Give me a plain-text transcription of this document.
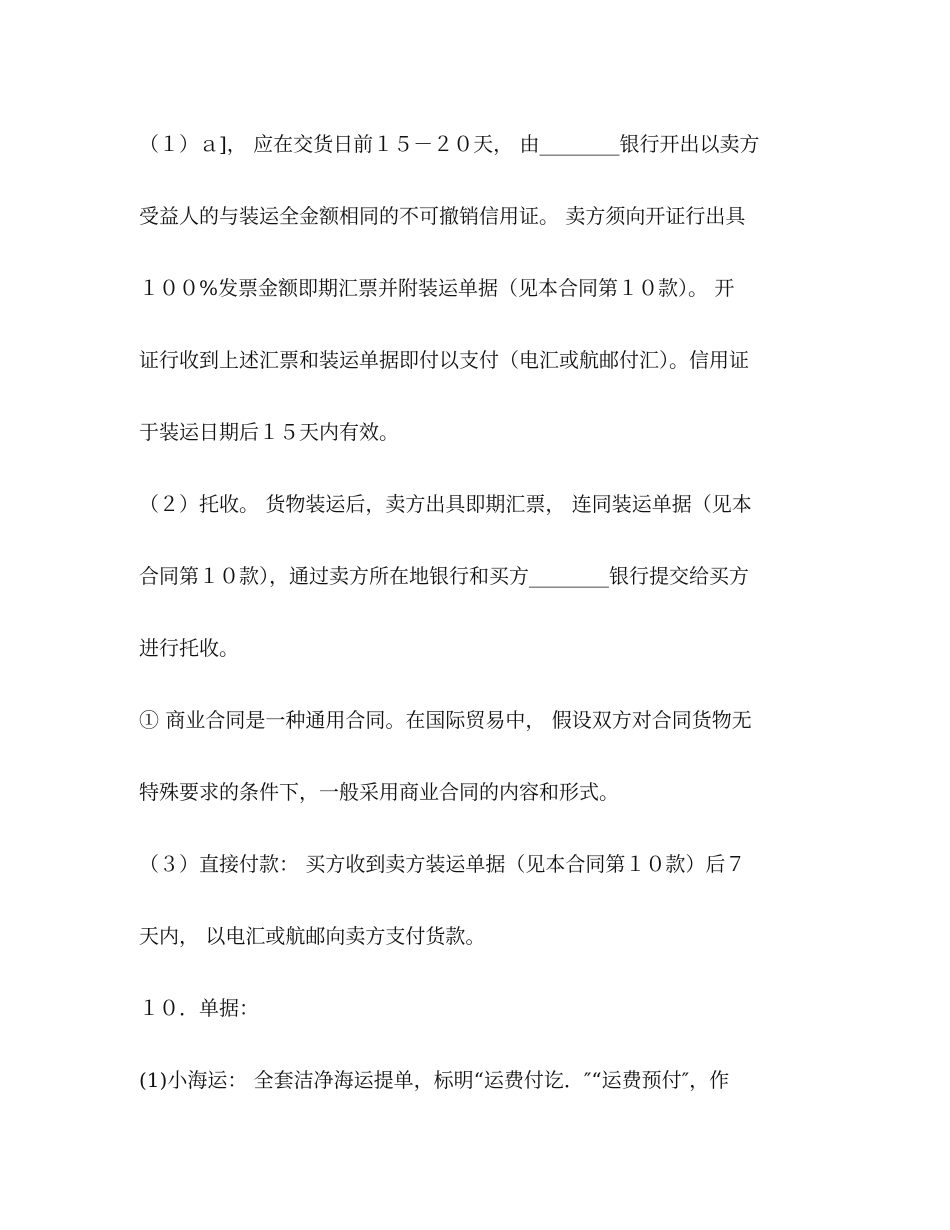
（１）ａ]， 应在交货日前１５－２０天， 由________银行开出以卖方
受益人的与装运全金额相同的不可撤销信用证。 卖方须向开证行出具
１００%发票金额即期汇票并附装运单据（见本合同第１０款）。 开
证行收到上述汇票和装运单据即付以支付（电汇或航邮付汇）。信用证
于装运日期后１５天内有效。
（２）托收。 货物装运后，卖方出具即期汇票， 连同装运单据（见本
合同第１０款），通过卖方所在地银行和买方________银行提交给买方
进行托收。
① 商业合同是一种通用合同。在国际贸易中， 假设双方对合同货物无
特殊要求的条件下，一般采用商业合同的内容和形式。
（３）直接付款： 买方收到卖方装运单据（见本合同第１０款）后７
天内， 以电汇或航邮向卖方支付货款。
１０．单据：
(1)小海运： 全套洁净海运提单，标明“运费付讫．″“运费预付″，作
